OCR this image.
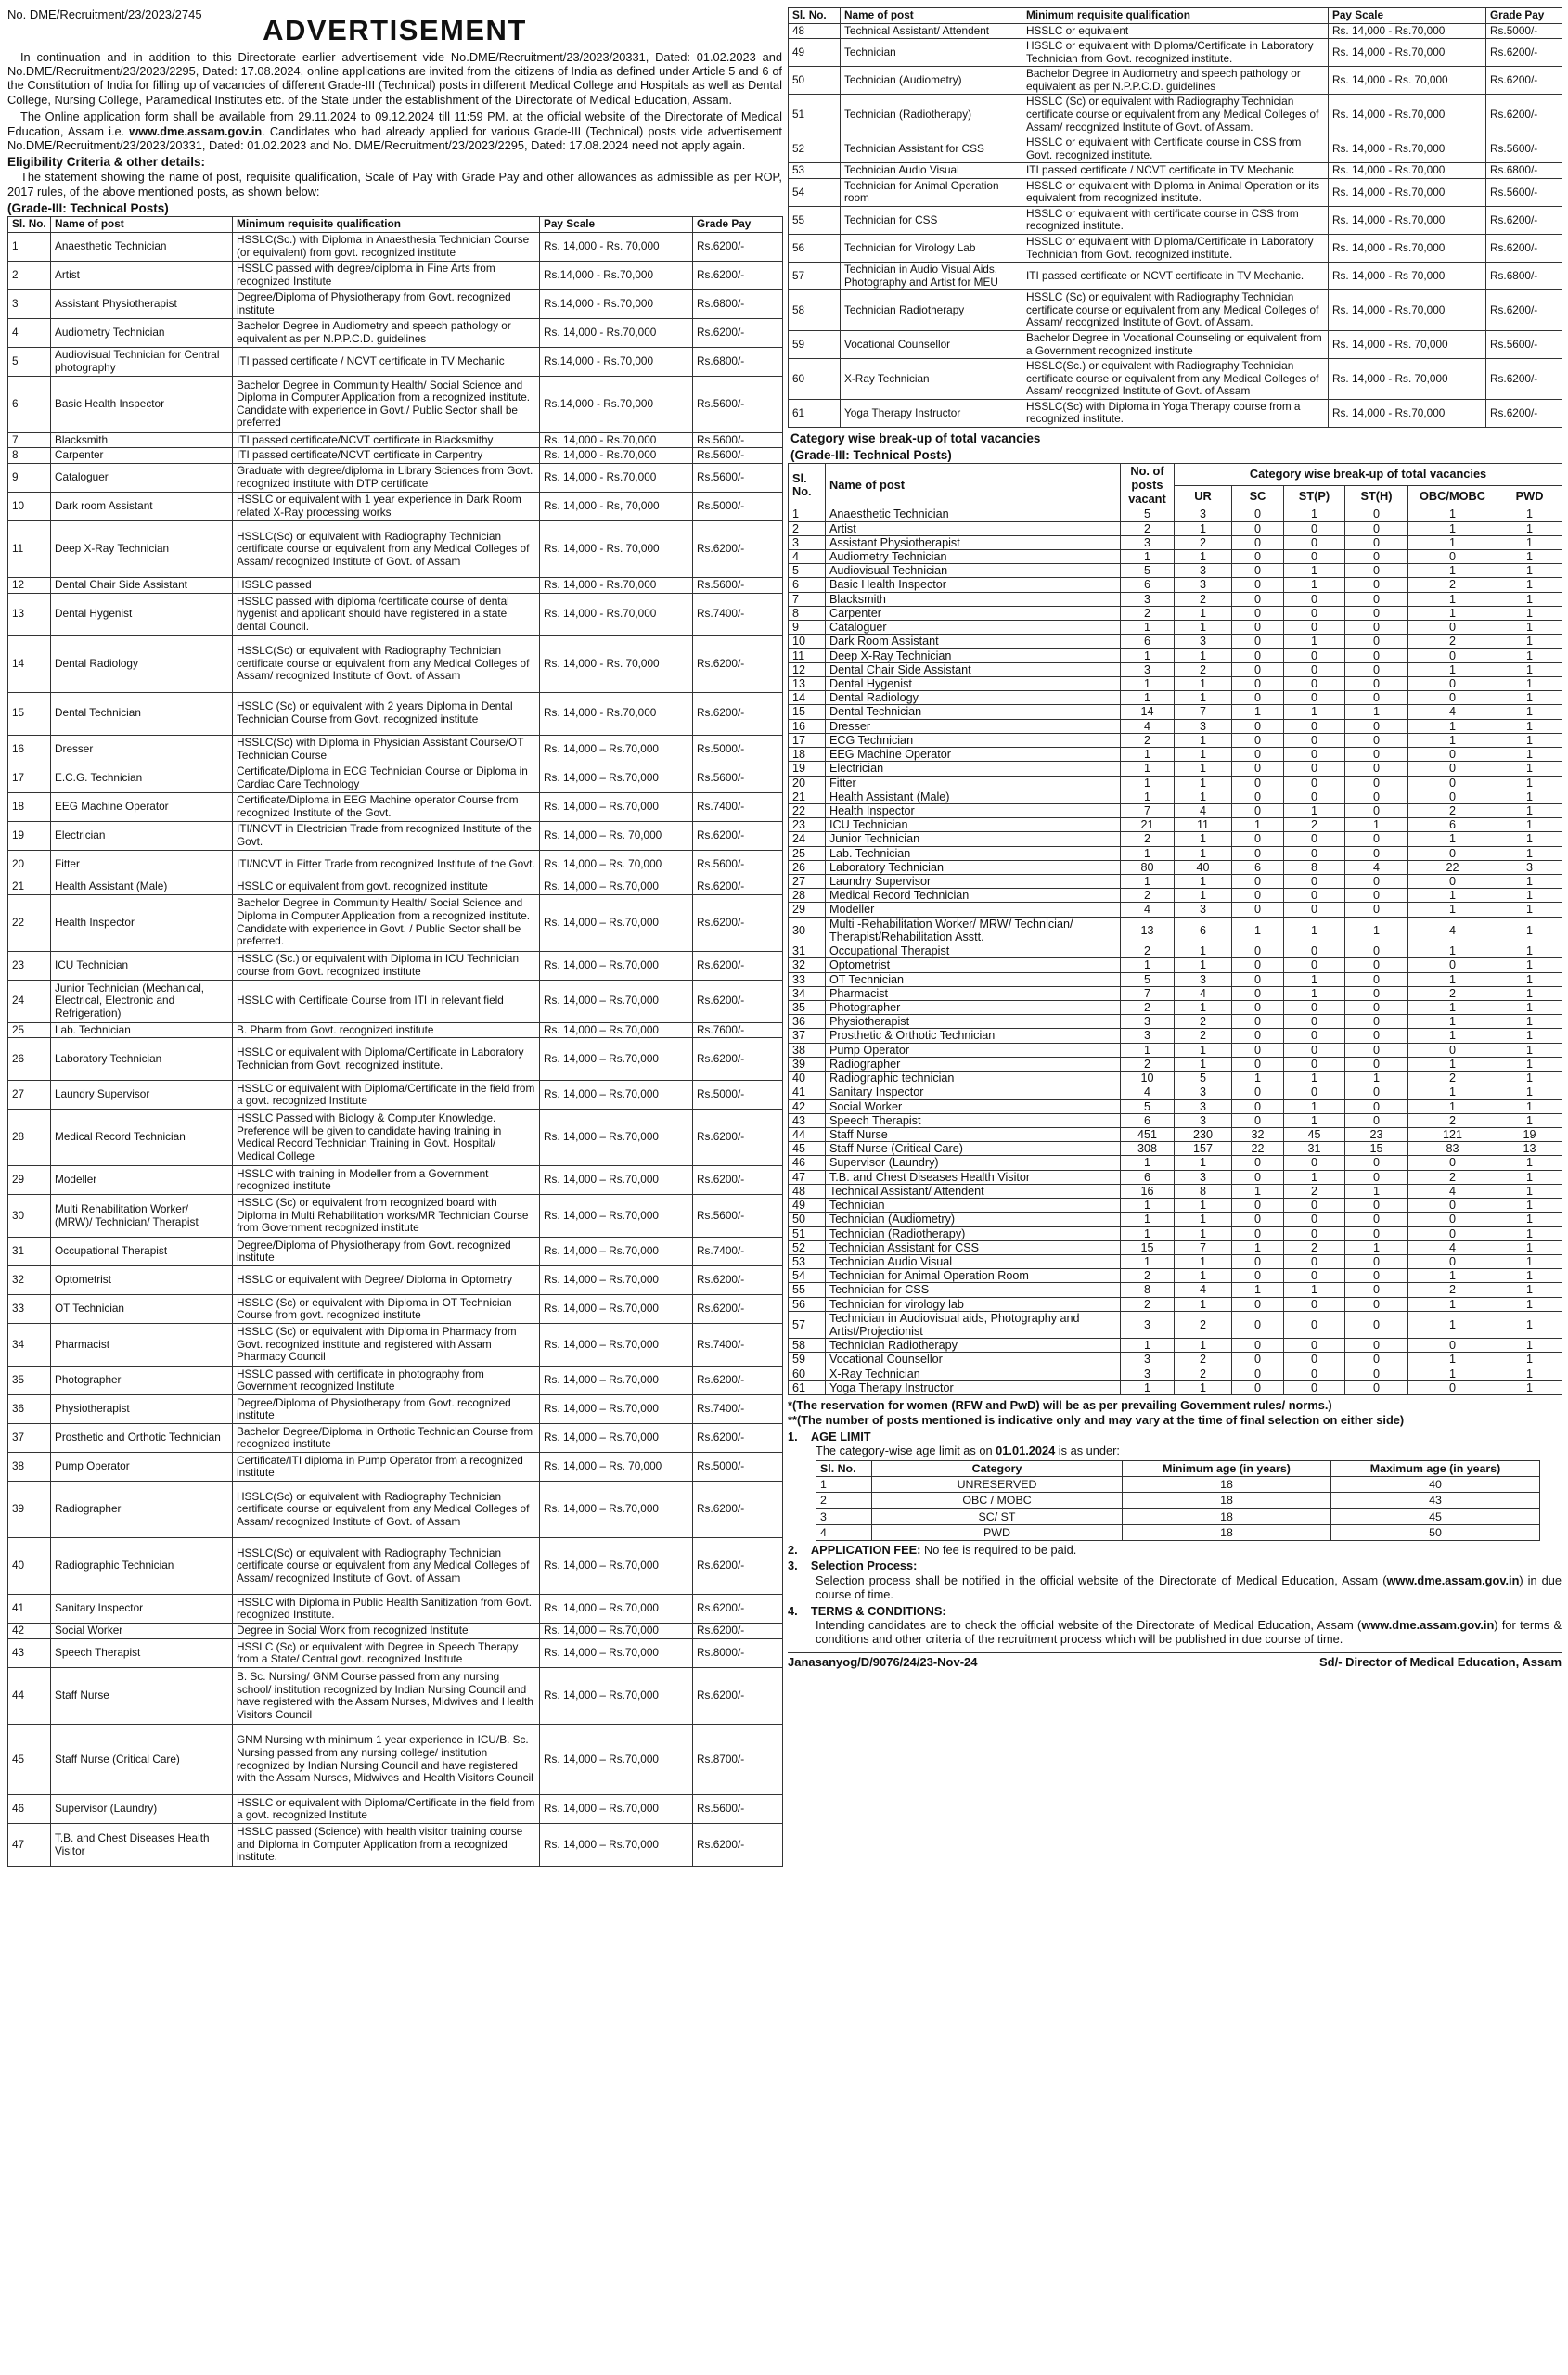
No. DME/Recruitment/23/2023/2745	ADVERTISEMENT

In continuation and in addition to this Directorate earlier advertisement vide No.DME/Recruitment/23/2023/20331, Dated: 01.02.2023 and No.DME/Recruitment/23/2023/2295, Dated: 17.08.2024, online applications are invited from the citizens of India as defined under Article 5 and 6 of the Constitution of India for filling up of vacancies of different Grade-III (Technical) posts in different Medical College and Hospitals as well as Dental College, Nursing College, Paramedical Institutes etc. of the State under the establishment of the Directorate of Medical Education, Assam.

The Online application form shall be available from 29.11.2024 to 09.12.2024 till 11:59 PM. at the official website of the Directorate of Medical Education, Assam i.e. www.dme.assam.gov.in. Candidates who had already applied for various Grade-III (Technical) posts vide advertisement No.DME/Recruitment/23/2023/20331, Dated: 01.02.2023 and No. DME/Recruitment/23/2023/2295, Dated: 17.08.2024 need not apply again.

Eligibility Criteria & other details:

The statement showing the name of post, requisite qualification, Scale of Pay with Grade Pay and other allowances as admissible as per ROP, 2017 rules, of the above mentioned posts, as shown below:

(Grade-III: Technical Posts)
Sl. No.	Name of post	Minimum requisite qualification	Pay Scale	Grade Pay
1	Anaesthetic Technician	HSSLC(Sc.) with Diploma in Anaesthesia Technician Course (or equivalent) from govt. recognized institute	Rs. 14,000 - Rs. 70,000	Rs.6200/-
2	Artist	HSSLC passed with degree/diploma in Fine Arts from recognized Institute	Rs.14,000 - Rs.70,000	Rs.6200/-
3	Assistant Physiotherapist	Degree/Diploma of Physiotherapy from Govt. recognized institute	Rs.14,000 - Rs.70,000	Rs.6800/-
4	Audiometry Technician	Bachelor Degree in Audiometry and speech pathology or equivalent as per N.P.P.C.D. guidelines	Rs. 14,000 - Rs.70,000	Rs.6200/-
5	Audiovisual Technician for Central photography	ITI passed certificate / NCVT certificate in TV Mechanic	Rs.14,000 - Rs.70,000	Rs.6800/-
6	Basic Health Inspector	Bachelor Degree in Community Health/ Social Science and Diploma in Computer Application from a recognized institute. Candidate with experience in Govt./ Public Sector shall be preferred	Rs.14,000 - Rs.70,000	Rs.5600/-
7	Blacksmith	ITI passed certificate/NCVT certificate in Blacksmithy	Rs. 14,000 - Rs.70,000	Rs.5600/-
8	Carpenter	ITI passed certificate/NCVT certificate in Carpentry	Rs. 14,000 - Rs.70,000	Rs.5600/-
9	Cataloguer	Graduate with degree/diploma in Library Sciences from Govt. recognized institute with DTP certificate	Rs. 14,000 - Rs.70,000	Rs.5600/-
10	Dark room Assistant	HSSLC or equivalent with 1 year experience in Dark Room related X-Ray processing works	Rs. 14,000 - Rs, 70,000	Rs.5000/-
11	Deep X-Ray Technician	HSSLC(Sc) or equivalent with Radiography Technician certificate course or equivalent from any Medical Colleges of Assam/ recognized Institute of Govt. of Assam	Rs. 14,000 - Rs. 70,000	Rs.6200/-
12	Dental Chair Side Assistant	HSSLC passed	Rs. 14,000 - Rs.70,000	Rs.5600/-
13	Dental Hygenist	HSSLC passed with diploma /certificate course of dental hygenist and applicant should have registered in a state dental Council.	Rs. 14,000 - Rs.70,000	Rs.7400/-
14	Dental Radiology	HSSLC(Sc) or equivalent with Radiography Technician certificate course or equivalent from any Medical Colleges of Assam/ recognized Institute of Govt. of Assam	Rs. 14,000 - Rs. 70,000	Rs.6200/-
15	Dental Technician	HSSLC (Sc) or equivalent with 2 years Diploma in Dental Technician Course from Govt. recognized institute	Rs. 14,000 - Rs.70,000	Rs.6200/-
16	Dresser	HSSLC(Sc) with Diploma in Physician Assistant Course/OT Technician Course	Rs. 14,000 – Rs.70,000	Rs.5000/-
17	E.C.G. Technician	Certificate/Diploma in ECG Technician Course or Diploma in Cardiac Care Technology	Rs. 14,000 – Rs.70,000	Rs.5600/-
18	EEG Machine Operator	Certificate/Diploma in EEG Machine operator Course from recognized Institute of the Govt.	Rs. 14,000 – Rs.70,000	Rs.7400/-
19	Electrician	ITI/NCVT in Electrician Trade from recognized Institute of the Govt.	Rs. 14,000 – Rs. 70,000	Rs.6200/-
20	Fitter	ITI/NCVT in Fitter Trade from recognized Institute of the Govt.	Rs. 14,000 – Rs. 70,000	Rs.5600/-
21	Health Assistant (Male)	HSSLC or equivalent from govt. recognized institute	Rs. 14,000 – Rs.70,000	Rs.6200/-
22	Health Inspector	Bachelor Degree in Community Health/ Social Science and Diploma in Computer Application from a recognized institute. Candidate with experience in Govt. / Public Sector shall be preferred.	Rs. 14,000 – Rs.70,000	Rs.6200/-
23	ICU Technician	HSSLC (Sc.) or equivalent with Diploma in ICU Technician course from Govt. recognized institute	Rs. 14,000 – Rs.70,000	Rs.6200/-
24	Junior Technician (Mechanical, Electrical, Electronic and Refrigeration)	HSSLC with Certificate Course from ITI in relevant field	Rs. 14,000 – Rs.70,000	Rs.6200/-
25	Lab. Technician	B. Pharm from Govt. recognized institute	Rs. 14,000 – Rs.70,000	Rs.7600/-
26	Laboratory Technician	HSSLC or equivalent with Diploma/Certificate in Laboratory Technician from Govt. recognized institute.	Rs. 14,000 – Rs.70,000	Rs.6200/-
27	Laundry Supervisor	HSSLC or equivalent with Diploma/Certificate in the field from a govt. recognized Institute	Rs. 14,000 – Rs.70,000	Rs.5000/-
28	Medical Record Technician	HSSLC Passed with Biology & Computer Knowledge. Preference will be given to candidate having training in Medical Record Technician Training in Govt. Hospital/ Medical College	Rs. 14,000 – Rs.70,000	Rs.6200/-
29	Modeller	HSSLC with training in Modeller from a Government recognized institute	Rs. 14,000 – Rs.70,000	Rs.6200/-
30	Multi Rehabilitation Worker/ (MRW)/ Technician/ Therapist	HSSLC (Sc) or equivalent from recognized board with Diploma in Multi Rehabilitation works/MR Technician Course from Government recognized institute	Rs. 14,000 – Rs.70,000	Rs.5600/-
31	Occupational Therapist	Degree/Diploma of Physiotherapy from Govt. recognized institute	Rs. 14,000 – Rs.70,000	Rs.7400/-
32	Optometrist	HSSLC or equivalent with Degree/ Diploma in Optometry	Rs. 14,000 – Rs.70,000	Rs.6200/-
33	OT Technician	HSSLC (Sc) or equivalent with Diploma in OT Technician Course from govt. recognized institute	Rs. 14,000 – Rs.70,000	Rs.6200/-
34	Pharmacist	HSSLC (Sc) or equivalent with Diploma in Pharmacy from Govt. recognized institute and registered with Assam Pharmacy Council	Rs. 14,000 – Rs.70,000	Rs.7400/-
35	Photographer	HSSLC passed with certificate in photography from Government recognized Institute	Rs. 14,000 – Rs.70,000	Rs.6200/-
36	Physiotherapist	Degree/Diploma of Physiotherapy from Govt. recognized institute	Rs. 14,000 – Rs.70,000	Rs.7400/-
37	Prosthetic and Orthotic Technician	Bachelor Degree/Diploma in Orthotic Technician Course from recognized institute	Rs. 14,000 – Rs.70,000	Rs.6200/-
38	Pump Operator	Certificate/ITI diploma in Pump Operator from a recognized institute	Rs. 14,000 – Rs. 70,000	Rs.5000/-
39	Radiographer	HSSLC(Sc) or equivalent with Radiography Technician certificate course or equivalent from any Medical Colleges of Assam/ recognized Institute of Govt. of Assam	Rs. 14,000 – Rs.70,000	Rs.6200/-
40	Radiographic Technician	HSSLC(Sc) or equivalent with Radiography Technician certificate course or equivalent from any Medical Colleges of Assam/ recognized Institute of Govt. of Assam	Rs. 14,000 – Rs.70,000	Rs.6200/-
41	Sanitary Inspector	HSSLC with Diploma in Public Health Sanitization from Govt. recognized Institute.	Rs. 14,000 – Rs.70,000	Rs.6200/-
42	Social Worker	Degree in Social Work from recognized Institute	Rs. 14,000 – Rs.70,000	Rs.6200/-
43	Speech Therapist	HSSLC (Sc) or equivalent with Degree in Speech Therapy from a State/ Central govt. recognized Institute	Rs. 14,000 – Rs.70,000	Rs.8000/-
44	Staff Nurse	B. Sc. Nursing/ GNM Course passed from any nursing school/ institution recognized by Indian Nursing Council and have registered with the Assam Nurses, Midwives and Health Visitors Council	Rs. 14,000 – Rs.70,000	Rs.6200/-
45	Staff Nurse (Critical Care)	GNM Nursing with minimum 1 year experience in ICU/B. Sc. Nursing passed from any nursing college/ institution recognized by Indian Nursing Council and have registered with the Assam Nurses, Midwives and Health Visitors Council	Rs. 14,000 – Rs.70,000	Rs.8700/-
46	Supervisor (Laundry)	HSSLC or equivalent with Diploma/Certificate in the field from a govt. recognized Institute	Rs. 14,000 – Rs.70,000	Rs.5600/-
47	T.B. and Chest Diseases Health Visitor	HSSLC passed (Science) with health visitor training course and Diploma in Computer Application from a recognized institute.	Rs. 14,000 – Rs.70,000	Rs.6200/-
Sl. No.	Name of post	Minimum requisite qualification	Pay Scale	Grade Pay
48	Technical Assistant/ Attendent	HSSLC or equivalent	Rs. 14,000 - Rs.70,000	Rs.5000/-
49	Technician	HSSLC or equivalent with Diploma/Certificate in Laboratory Technician from Govt. recognized institute.	Rs. 14,000 - Rs.70,000	Rs.6200/-
50	Technician (Audiometry)	Bachelor Degree in Audiometry and speech pathology or equivalent as per N.P.P.C.D. guidelines	Rs. 14,000 - Rs. 70,000	Rs.6200/-
51	Technician (Radiotherapy)	HSSLC (Sc) or equivalent with Radiography Technician certificate course or equivalent from any Medical Colleges of Assam/ recognized Institute of Govt. of Assam.	Rs. 14,000 - Rs.70,000	Rs.6200/-
52	Technician Assistant for CSS	HSSLC or equivalent with Certificate course in CSS from Govt. recognized institute.	Rs. 14,000 - Rs.70,000	Rs.5600/-
53	Technician Audio Visual	ITI passed certificate / NCVT certificate in TV Mechanic	Rs. 14,000 - Rs.70,000	Rs.6800/-
54	Technician for Animal Operation room	HSSLC or equivalent with Diploma in Animal Operation or its equivalent from recognized institute.	Rs. 14,000 - Rs.70,000	Rs.5600/-
55	Technician for CSS	HSSLC or equivalent with certificate course in CSS from recognized institute.	Rs. 14,000 - Rs.70,000	Rs.6200/-
56	Technician for Virology Lab	HSSLC or equivalent with Diploma/Certificate in Laboratory Technician from Govt. recognized institute.	Rs. 14,000 - Rs.70,000	Rs.6200/-
57	Technician in Audio Visual Aids, Photography and Artist for MEU	ITI passed certificate or NCVT certificate in TV Mechanic.	Rs. 14,000 - Rs 70,000	Rs.6800/-
58	Technician Radiotherapy	HSSLC (Sc) or equivalent with Radiography Technician certificate course or equivalent from any Medical Colleges of Assam/ recognized Institute of Govt. of Assam.	Rs. 14,000 - Rs.70,000	Rs.6200/-
59	Vocational Counsellor	Bachelor Degree in Vocational Counseling or equivalent from a Government recognized institute	Rs. 14,000 - Rs. 70,000	Rs.5600/-
60	X-Ray Technician	HSSLC(Sc.) or equivalent with Radiography Technician certificate course or equivalent from any Medical Colleges of Assam/ recognized Institute of Govt. of Assam	Rs. 14,000 - Rs. 70,000	Rs.6200/-
61	Yoga Therapy Instructor	HSSLC(Sc) with Diploma in Yoga Therapy course from a recognized institute.	Rs. 14,000 - Rs.70,000	Rs.6200/-
Category wise break-up of total vacancies
(Grade-III: Technical Posts)
Sl. No.	Name of post	No. of posts vacant	Category wise break-up of total vacancies					
			UR	SC	ST(P)	ST(H)	OBC/MOBC	PWD
1	Anaesthetic Technician	5	3	0	1	0	1	1
2	Artist	2	1	0	0	0	1	1
3	Assistant Physiotherapist	3	2	0	0	0	1	1
4	Audiometry Technician	1	1	0	0	0	0	1
5	Audiovisual Technician	5	3	0	1	0	1	1
6	Basic Health Inspector	6	3	0	1	0	2	1
7	Blacksmith	3	2	0	0	0	1	1
8	Carpenter	2	1	0	0	0	1	1
9	Cataloguer	1	1	0	0	0	0	1
10	Dark Room Assistant	6	3	0	1	0	2	1
11	Deep X-Ray Technician	1	1	0	0	0	0	1
12	Dental Chair Side Assistant	3	2	0	0	0	1	1
13	Dental Hygenist	1	1	0	0	0	0	1
14	Dental Radiology	1	1	0	0	0	0	1
15	Dental Technician	14	7	1	1	1	4	1
16	Dresser	4	3	0	0	0	1	1
17	ECG Technician	2	1	0	0	0	1	1
18	EEG Machine Operator	1	1	0	0	0	0	1
19	Electrician	1	1	0	0	0	0	1
20	Fitter	1	1	0	0	0	0	1
21	Health Assistant (Male)	1	1	0	0	0	0	1
22	Health Inspector	7	4	0	1	0	2	1
23	ICU Technician	21	11	1	2	1	6	1
24	Junior Technician	2	1	0	0	0	1	1
25	Lab. Technician	1	1	0	0	0	0	1
26	Laboratory Technician	80	40	6	8	4	22	3
27	Laundry Supervisor	1	1	0	0	0	0	1
28	Medical Record Technician	2	1	0	0	0	1	1
29	Modeller	4	3	0	0	0	1	1
30	Multi -Rehabilitation Worker/ MRW/ Technician/ Therapist/Rehabilitation Asstt.	13	6	1	1	1	4	1
31	Occupational Therapist	2	1	0	0	0	1	1
32	Optometrist	1	1	0	0	0	0	1
33	OT Technician	5	3	0	1	0	1	1
34	Pharmacist	7	4	0	1	0	2	1
35	Photographer	2	1	0	0	0	1	1
36	Physiotherapist	3	2	0	0	0	1	1
37	Prosthetic & Orthotic Technician	3	2	0	0	0	1	1
38	Pump Operator	1	1	0	0	0	0	1
39	Radiographer	2	1	0	0	0	1	1
40	Radiographic technician	10	5	1	1	1	2	1
41	Sanitary Inspector	4	3	0	0	0	1	1
42	Social Worker	5	3	0	1	0	1	1
43	Speech Therapist	6	3	0	1	0	2	1
44	Staff Nurse	451	230	32	45	23	121	19
45	Staff Nurse (Critical Care)	308	157	22	31	15	83	13
46	Supervisor (Laundry)	1	1	0	0	0	0	1
47	T.B. and Chest Diseases Health Visitor	6	3	0	1	0	2	1
48	Technical Assistant/ Attendent	16	8	1	2	1	4	1
49	Technician	1	1	0	0	0	0	1
50	Technician (Audiometry)	1	1	0	0	0	0	1
51	Technician (Radiotherapy)	1	1	0	0	0	0	1
52	Technician Assistant for CSS	15	7	1	2	1	4	1
53	Technician Audio Visual	1	1	0	0	0	0	1
54	Technician for Animal Operation Room	2	1	0	0	0	1	1
55	Technician for CSS	8	4	1	1	0	2	1
56	Technician for virology lab	2	1	0	0	0	1	1
57	Technician in Audiovisual aids, Photography and Artist/Projectionist	3	2	0	0	0	1	1
58	Technician Radiotherapy	1	1	0	0	0	0	1
59	Vocational Counsellor	3	2	0	0	0	1	1
60	X-Ray Technician	3	2	0	0	0	1	1
61	Yoga Therapy Instructor	1	1	0	0	0	0	1
*(The reservation for women (RFW and PwD) will be as per prevailing Government rules/ norms.)
**(The number of posts mentioned is indicative only and may vary at the time of final selection on either side)
1. AGE LIMIT
The category-wise age limit as on 01.01.2024 is as under:
Sl. No.	Category	Minimum age (in years)	Maximum age (in years)
1	UNRESERVED	18	40
2	OBC / MOBC	18	43
3	SC/ ST	18	45
4	PWD	18	50
2. APPLICATION FEE: No fee is required to be paid.
3. Selection Process:
Selection process shall be notified in the official website of the Directorate of Medical Education, Assam (www.dme.assam.gov.in) in due course of time.
4. TERMS & CONDITIONS:
Intending candidates are to check the official website of the Directorate of Medical Education, Assam (www.dme.assam.gov.in) for terms & conditions and other criteria of the recruitment process which will be published in due course of time.
Janasanyog/D/9076/24/23-Nov-24	Sd/- Director of Medical Education, Assam
